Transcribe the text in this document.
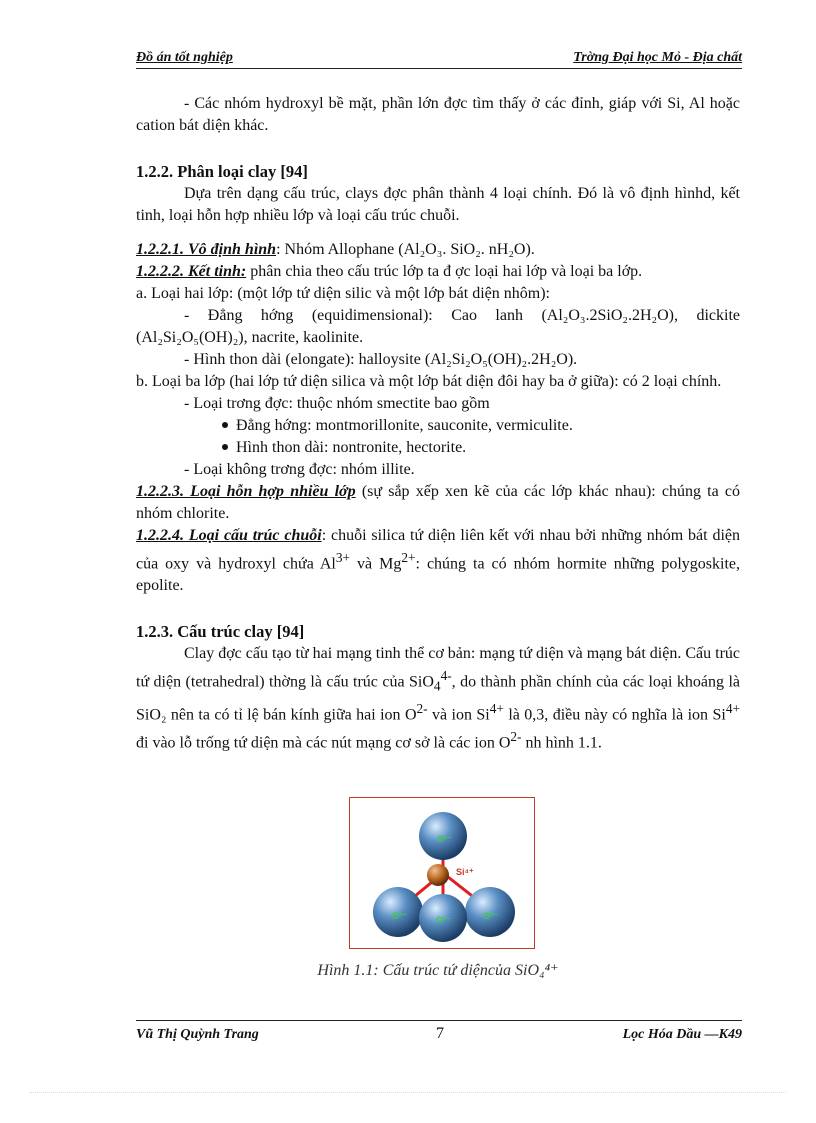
Đồ án tốt nghiệp	Trờng Đại học Mỏ - Địa chất

- Các nhóm hydroxyl bề mặt, phần lớn đợc tìm thấy ở các đỉnh, giáp với Si, Al hoặc cation bát diện khác.

1.2.2. Phân loại clay [94]

Dựa trên dạng cấu trúc, clays đợc phân thành 4 loại chính. Đó là vô định hìnhd, kết tinh, loại hỗn hợp nhiều lớp và loại cấu trúc chuỗi.

1.2.2.1. Vô định hình: Nhóm Allophane (Al₂O₃. SiO₂. nH₂O).

1.2.2.2. Kết tinh: phân chia theo cấu trúc lớp ta đ ợc loại hai lớp và loại ba lớp.

a. Loại hai lớp: (một lớp tứ diện silic và một lớp bát diện nhôm):

- Đẳng hớng (equidimensional): Cao lanh (Al₂O₃.2SiO₂.2H₂O), dickite (Al₂Si₂O₅(OH)₂), nacrite, kaolinite.

- Hình thon dài (elongate): halloysite (Al₂Si₂O₅(OH)₂.2H₂O).

b. Loại ba lớp (hai lớp tứ diện silica và một lớp bát diện đôi hay ba ở giữa): có 2 loại chính.

- Loại trơng đợc: thuộc nhóm smectite bao gồm

Đẳng hớng: montmorillonite, sauconite, vermiculite.

Hình thon dài: nontronite, hectorite.

- Loại không trơng đợc: nhóm illite.

1.2.2.3. Loại hỗn hợp nhiều lớp (sự sắp xếp xen kẽ của các lớp khác nhau): chúng ta có nhóm chlorite.

1.2.2.4. Loại cấu trúc chuỗi: chuỗi silica tứ diện liên kết với nhau bởi những nhóm bát diện của oxy và hydroxyl chứa $Al^{3+}$ và $Mg^{2+}$: chúng ta có nhóm hormite những polygoskite, epolite.

1.2.3. Cấu trúc clay [94]

Clay đợc cấu tạo từ hai mạng tinh thể cơ bản: mạng tứ diện và mạng bát diện. Cấu trúc tứ diện (tetrahedral) thờng là cấu trúc của SiO$_4^{4-}$, do thành phần chính của các loại khoáng là SiO₂ nên ta có tỉ lệ bán kính giữa hai ion $O^{2-}$ và ion $Si^{4+}$ là 0,3, điều này có nghĩa là ion $Si^{4+}$ đi vào lỗ trống tứ diện mà các nút mạng cơ sở là các ion $O^{2-}$ nh hình 1.1.

O²⁻
Si⁴⁺
O²⁻	O²⁻	O²⁻
Hình 1.1: Cấu trúc tứ diệncủa SiO₄⁴⁺
Vũ Thị Quỳnh Trang	7	Lọc Hóa Dầu —K49
